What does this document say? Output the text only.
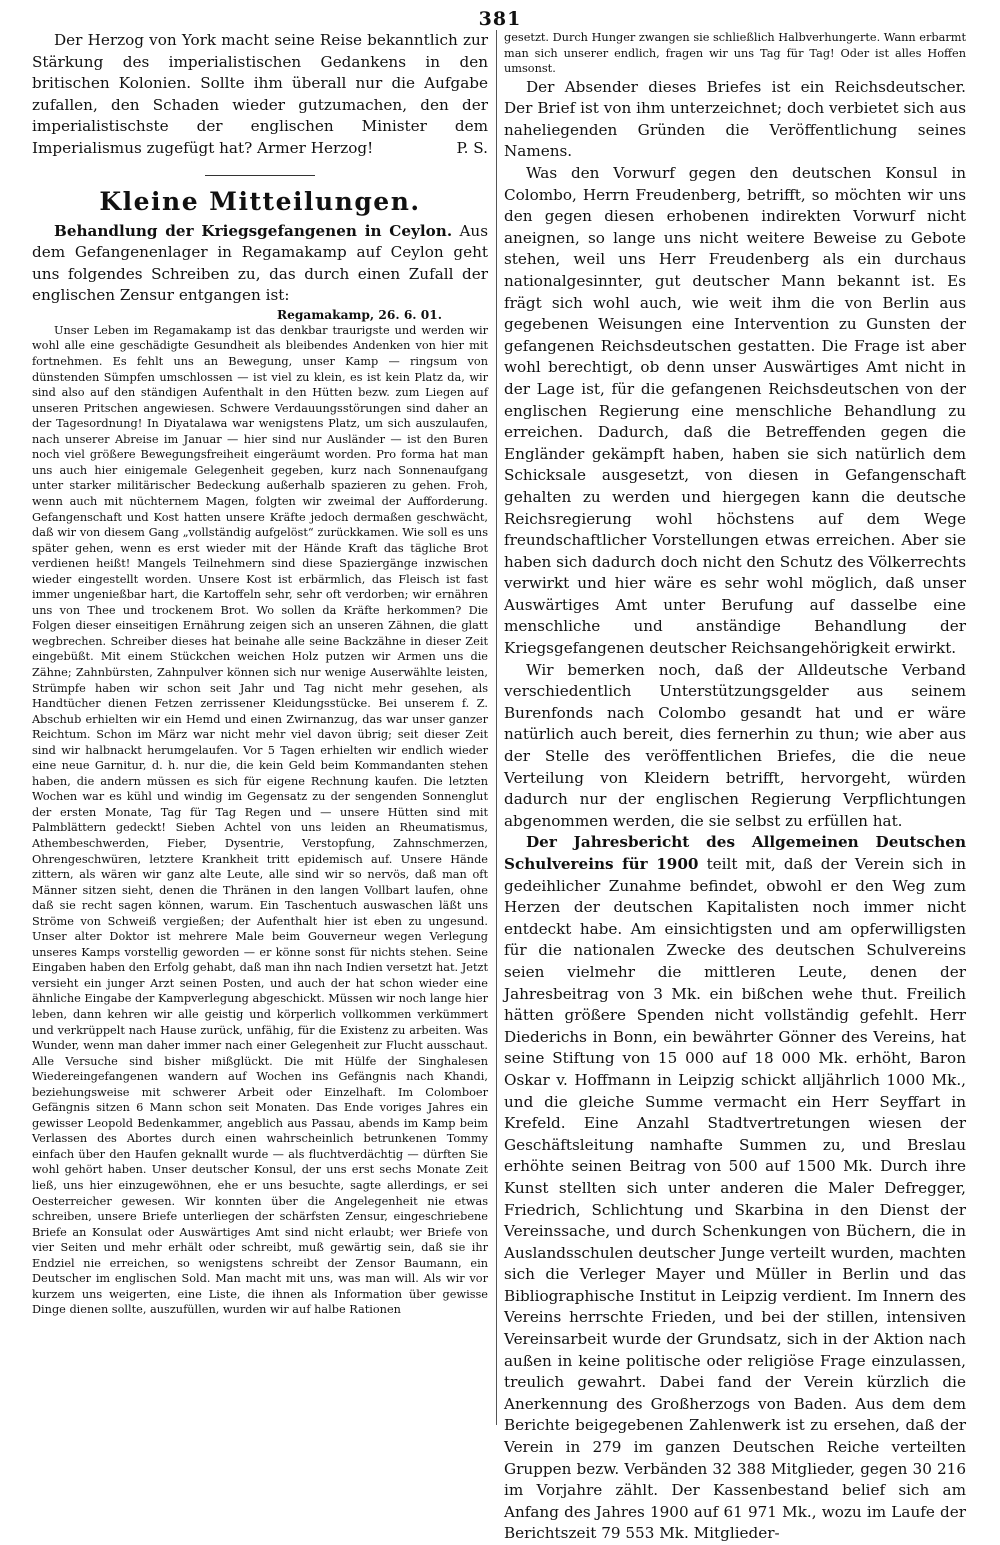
381

Der Herzog von York macht seine Reise bekanntlich zur Stärkung des imperialistischen Gedankens in den britischen Kolonien. Sollte ihm überall nur die Aufgabe zufallen, den Schaden wieder gutzumachen, den der imperialistischste der englischen Minister dem Imperialismus zugefügt hat? Armer Herzog!	P. S.

Kleine Mitteilungen.

Behandlung der Kriegsgefangenen in Ceylon. Aus dem Gefangenenlager in Regamakamp auf Ceylon geht uns folgendes Schreiben zu, das durch einen Zufall der englischen Zensur entgangen ist:

Regamakamp, 26. 6. 01.

Unser Leben im Regamakamp ist das denkbar traurigste und werden wir wohl alle eine geschädigte Gesundheit als bleibendes Andenken von hier mit fortnehmen. Es fehlt uns an Bewegung, unser Kamp — ringsum von dünstenden Sümpfen umschlossen — ist viel zu klein, es ist kein Platz da, wir sind also auf den ständigen Aufenthalt in den Hütten bezw. zum Liegen auf unseren Pritschen angewiesen. Schwere Verdauungsstörungen sind daher an der Tagesordnung! In Diyatalawa war wenigstens Platz, um sich auszulaufen, nach unserer Abreise im Januar — hier sind nur Ausländer — ist den Buren noch viel größere Bewegungsfreiheit eingeräumt worden. Pro forma hat man uns auch hier einigemale Gelegenheit gegeben, kurz nach Sonnenaufgang unter starker militärischer Bedeckung außerhalb spazieren zu gehen. Froh, wenn auch mit nüchternem Magen, folgten wir zweimal der Aufforderung. Gefangenschaft und Kost hatten unsere Kräfte jedoch dermaßen geschwächt, daß wir von diesem Gang „vollständig aufgelöst“ zurückkamen. Wie soll es uns später gehen, wenn es erst wieder mit der Hände Kraft das tägliche Brot verdienen heißt! Mangels Teilnehmern sind diese Spaziergänge inzwischen wieder eingestellt worden. Unsere Kost ist erbärmlich, das Fleisch ist fast immer ungenießbar hart, die Kartoffeln sehr, sehr oft verdorben; wir ernähren uns von Thee und trockenem Brot. Wo sollen da Kräfte herkommen? Die Folgen dieser einseitigen Ernährung zeigen sich an unseren Zähnen, die glatt wegbrechen. Schreiber dieses hat beinahe alle seine Backzähne in dieser Zeit eingebüßt. Mit einem Stückchen weichen Holz putzen wir Armen uns die Zähne; Zahnbürsten, Zahnpulver können sich nur wenige Auserwählte leisten, Strümpfe haben wir schon seit Jahr und Tag nicht mehr gesehen, als Handtücher dienen Fetzen zerrissener Kleidungsstücke. Bei unserem f. Z. Abschub erhielten wir ein Hemd und einen Zwirnanzug, das war unser ganzer Reichtum. Schon im März war nicht mehr viel davon übrig; seit dieser Zeit sind wir halbnackt herumgelaufen. Vor 5 Tagen erhielten wir endlich wieder eine neue Garnitur, d. h. nur die, die kein Geld beim Kommandanten stehen haben, die andern müssen es sich für eigene Rechnung kaufen. Die letzten Wochen war es kühl und windig im Gegensatz zu der sengenden Sonnenglut der ersten Monate, Tag für Tag Regen und — unsere Hütten sind mit Palmblättern gedeckt! Sieben Achtel von uns leiden an Rheumatismus, Athembeschwerden, Fieber, Dysentrie, Verstopfung, Zahnschmerzen, Ohrengeschwüren, letztere Krankheit tritt epidemisch auf. Unsere Hände zittern, als wären wir ganz alte Leute, alle sind wir so nervös, daß man oft Männer sitzen sieht, denen die Thränen in den langen Vollbart laufen, ohne daß sie recht sagen können, warum. Ein Taschentuch auswaschen läßt uns Ströme von Schweiß vergießen; der Aufenthalt hier ist eben zu ungesund. Unser alter Doktor ist mehrere Male beim Gouverneur wegen Verlegung unseres Kamps vorstellig geworden — er könne sonst für nichts stehen. Seine Eingaben haben den Erfolg gehabt, daß man ihn nach Indien versetzt hat. Jetzt versieht ein junger Arzt seinen Posten, und auch der hat schon wieder eine ähnliche Eingabe der Kampverlegung abgeschickt. Müssen wir noch lange hier leben, dann kehren wir alle geistig und körperlich vollkommen verkümmert und verkrüppelt nach Hause zurück, unfähig, für die Existenz zu arbeiten. Was Wunder, wenn man daher immer nach einer Gelegenheit zur Flucht ausschaut. Alle Versuche sind bisher mißglückt. Die mit Hülfe der Singhalesen Wiedereingefangenen wandern auf Wochen ins Gefängnis nach Khandi, beziehungsweise mit schwerer Arbeit oder Einzelhaft. Im Colomboer Gefängnis sitzen 6 Mann schon seit Monaten. Das Ende voriges Jahres ein gewisser Leopold Bedenkammer, angeblich aus Passau, abends im Kamp beim Verlassen des Abortes durch einen wahrscheinlich betrunkenen Tommy einfach über den Haufen geknallt wurde — als fluchtverdächtig — dürften Sie wohl gehört haben. Unser deutscher Konsul, der uns erst sechs Monate Zeit ließ, uns hier einzugewöhnen, ehe er uns besuchte, sagte allerdings, er sei Oesterreicher gewesen. Wir konnten über die Angelegenheit nie etwas schreiben, unsere Briefe unterliegen der schärfsten Zensur, eingeschriebene Briefe an Konsulat oder Auswärtiges Amt sind nicht erlaubt; wer Briefe von vier Seiten und mehr erhält oder schreibt, muß gewärtig sein, daß sie ihr Endziel nie erreichen, so wenigstens schreibt der Zensor Baumann, ein Deutscher im englischen Sold. Man macht mit uns, was man will. Als wir vor kurzem uns weigerten, eine Liste, die ihnen als Information über gewisse Dinge dienen sollte, auszufüllen, wurden wir auf halbe Rationen

gesetzt. Durch Hunger zwangen sie schließlich Halbverhungerte. Wann erbarmt man sich unserer endlich, fragen wir uns Tag für Tag! Oder ist alles Hoffen umsonst.

Der Absender dieses Briefes ist ein Reichsdeutscher. Der Brief ist von ihm unterzeichnet; doch verbietet sich aus naheliegenden Gründen die Veröffentlichung seines Namens.

Was den Vorwurf gegen den deutschen Konsul in Colombo, Herrn Freudenberg, betrifft, so möchten wir uns den gegen diesen erhobenen indirekten Vorwurf nicht aneignen, so lange uns nicht weitere Beweise zu Gebote stehen, weil uns Herr Freudenberg als ein durchaus nationalgesinnter, gut deutscher Mann bekannt ist. Es frägt sich wohl auch, wie weit ihm die von Berlin aus gegebenen Weisungen eine Intervention zu Gunsten der gefangenen Reichsdeutschen gestatten. Die Frage ist aber wohl berechtigt, ob denn unser Auswärtiges Amt nicht in der Lage ist, für die gefangenen Reichsdeutschen von der englischen Regierung eine menschliche Behandlung zu erreichen. Dadurch, daß die Betreffenden gegen die Engländer gekämpft haben, haben sie sich natürlich dem Schicksale ausgesetzt, von diesen in Gefangenschaft gehalten zu werden und hiergegen kann die deutsche Reichsregierung wohl höchstens auf dem Wege freundschaftlicher Vorstellungen etwas erreichen. Aber sie haben sich dadurch doch nicht den Schutz des Völkerrechts verwirkt und hier wäre es sehr wohl möglich, daß unser Auswärtiges Amt unter Berufung auf dasselbe eine menschliche und anständige Behandlung der Kriegsgefangenen deutscher Reichsangehörigkeit erwirkt.

Wir bemerken noch, daß der Alldeutsche Verband verschiedentlich Unterstützungsgelder aus seinem Burenfonds nach Colombo gesandt hat und er wäre natürlich auch bereit, dies fernerhin zu thun; wie aber aus der Stelle des veröffentlichen Briefes, die die neue Verteilung von Kleidern betrifft, hervorgeht, würden dadurch nur der englischen Regierung Verpflichtungen abgenommen werden, die sie selbst zu erfüllen hat.

Der Jahresbericht des Allgemeinen Deutschen Schulvereins für 1900 teilt mit, daß der Verein sich in gedeihlicher Zunahme befindet, obwohl er den Weg zum Herzen der deutschen Kapitalisten noch immer nicht entdeckt habe. Am einsichtigsten und am opferwilligsten für die nationalen Zwecke des deutschen Schulvereins seien vielmehr die mittleren Leute, denen der Jahresbeitrag von 3 Mk. ein bißchen wehe thut. Freilich hätten größere Spenden nicht vollständig gefehlt. Herr Diederichs in Bonn, ein bewährter Gönner des Vereins, hat seine Stiftung von 15 000 auf 18 000 Mk. erhöht, Baron Oskar v. Hoffmann in Leipzig schickt alljährlich 1000 Mk., und die gleiche Summe vermacht ein Herr Seyffart in Krefeld. Eine Anzahl Stadtvertretungen wiesen der Geschäftsleitung namhafte Summen zu, und Breslau erhöhte seinen Beitrag von 500 auf 1500 Mk. Durch ihre Kunst stellten sich unter anderen die Maler Defregger, Friedrich, Schlichtung und Skarbina in den Dienst der Vereinssache, und durch Schenkungen von Büchern, die in Auslandsschulen deutscher Junge verteilt wurden, machten sich die Verleger Mayer und Müller in Berlin und das Bibliographische Institut in Leipzig verdient. Im Innern des Vereins herrschte Frieden, und bei der stillen, intensiven Vereinsarbeit wurde der Grundsatz, sich in der Aktion nach außen in keine politische oder religiöse Frage einzulassen, treulich gewahrt. Dabei fand der Verein kürzlich die Anerkennung des Großherzogs von Baden. Aus dem dem Berichte beigegebenen Zahlenwerk ist zu ersehen, daß der Verein in 279 im ganzen Deutschen Reiche verteilten Gruppen bezw. Verbänden 32 388 Mitglieder, gegen 30 216 im Vorjahre zählt. Der Kassenbestand belief sich am Anfang des Jahres 1900 auf 61 971 Mk., wozu im Laufe der Berichtszeit 79 553 Mk. Mitglieder-
